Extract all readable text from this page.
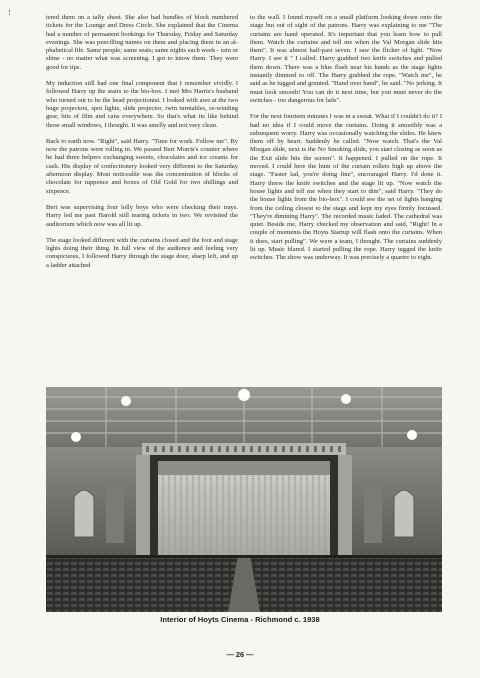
!

tered them on a tally sheet. She also had bundles of block numbered tickets for the Lounge and Dress Circle. She explained that the Cinema had a number of permanent bookings for Thursday, Friday and Saturday evenings. She was pencilling names on them and placing them in an al-phabetical file. Same people; same seats; same nights each week - rain or shine - no matter what was screening. I got to know them. They were good for tips.

My induction still had one final component that I remember vividly. I followed Harry up the stairs to the bio-box. I met Mrs Harris's husband who turned out to be the head projectionist. I looked with awe at the two huge projectors, spot lights, slide projector, twin turntables, re-winding gear, bits of film and cans everywhere. So that's what its like behind those small windows, I thought. It was smelly and not very clean.

Back to earth now. "Right", said Harry. "Time for work. Follow me". By now the patrons were rolling in. We passed Bert Morris's counter where he had three helpers exchanging sweets, chocolates and ice creams for cash. His display of confectionery looked very different to the Saturday afternoon display. Most noticeable was the concentration of blocks of chocolate for tuppence and boxes of Old Gold for two shillings and sixpence.

Bert was supervising four lolly boys who were checking their trays. Harry led me past Harold still tearing tickets in two. We revisited the auditorium which now was all lit up.

The stage looked different with the curtains closed and the foot and stage lights doing their thing. In full view of the audience and feeling very conspicuous, I followed Harry through the stage door, sharp left, and up a ladder attached

to the wall. I found myself on a small platform looking down onto the stage but out of sight of the patrons. Harry was explaining to me "The curtains are hand operated. It's important that you learn how to pull them. Watch the curtains and tell me when the Val Morgan slide hits them". It was almost half-past seven. I saw the flicker of light. "Now Harry. I see it " I called. Harry grabbed two knife switches and pulled them down. There was a blue flash near his hands as the stage lights instantly dimmed to off. The Harry grabbed the rope. "Watch me", he said as he tugged and grunted. "Hand over hand", he said. "No jerking. It must look smooth! You can do it next time, but you must never do the switches - too dangerous for lads".

For the next fourteen minutes I was in a sweat. What if I couldn't do it? I had no idea if I could move the curtains. Doing it smoothly was a subsequent worry. Harry was occasionally watching the slides. He knew them off by heart. Suddenly he called. "Now watch. That's the Val Morgan slide, next is the No Smoking slide, you start closing as soon as the Exit slide hits the screen". It happened. I pulled on the rope. It moved. I could here the hum of the curtain rollers high up above the stage. "Faster lad, you're doing fine", encouraged Harry. I'd done it. Harry threw the knife switches and the stage lit up. "Now watch the house lights and tell me when they start to dim", said Harry. "They do the house lights from the bio-box". I could see the set of lights hanging from the ceiling closest to the stage and kept my eyes firmly focussed. "They're dimming Harry". The recorded music faded. The cathedral was quiet. Beside me, Harry checked my observation and said, "Right! In a couple of moments the Hoyts Startup will flash onto the curtains. When it does, start pulling". We were a team, I thought. The curtains suddenly lit up. Music blared. I started pulling the rope. Harry tugged the knife switches. The show was underway. It was precisely a quarter to eight.

Interior of Hoyts Cinema - Richmond c. 1938
— 26 —
